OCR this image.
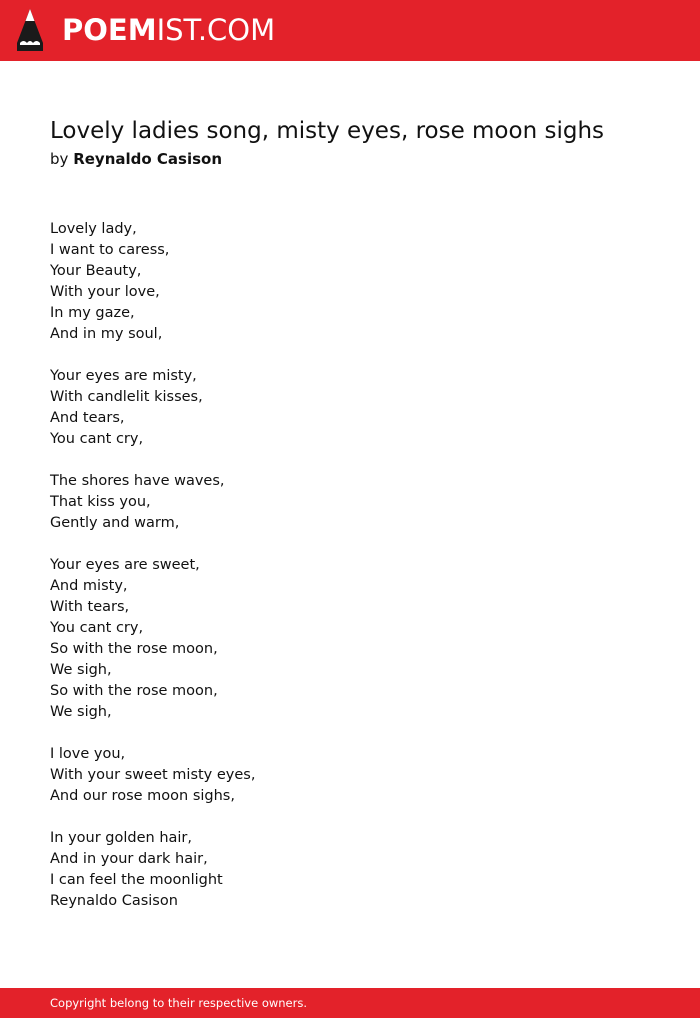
POEMIST.COM
Lovely ladies song, misty eyes, rose moon sighs
by Reynaldo Casison
Lovely lady,
I want to caress,
Your Beauty,
With your love,
In my gaze,
And in my soul,
Your eyes are misty,
With candlelit kisses,
And tears,
You cant cry,
The shores have waves,
That kiss you,
Gently and warm,
Your eyes are sweet,
And misty,
With tears,
You cant cry,
So with the rose moon,
We sigh,
So with the rose moon,
We sigh,
I love you,
With your sweet misty eyes,
And our rose moon sighs,
In your golden hair,
And in your dark hair,
I can feel the moonlight
Reynaldo Casison
Copyright belong to their respective owners.
